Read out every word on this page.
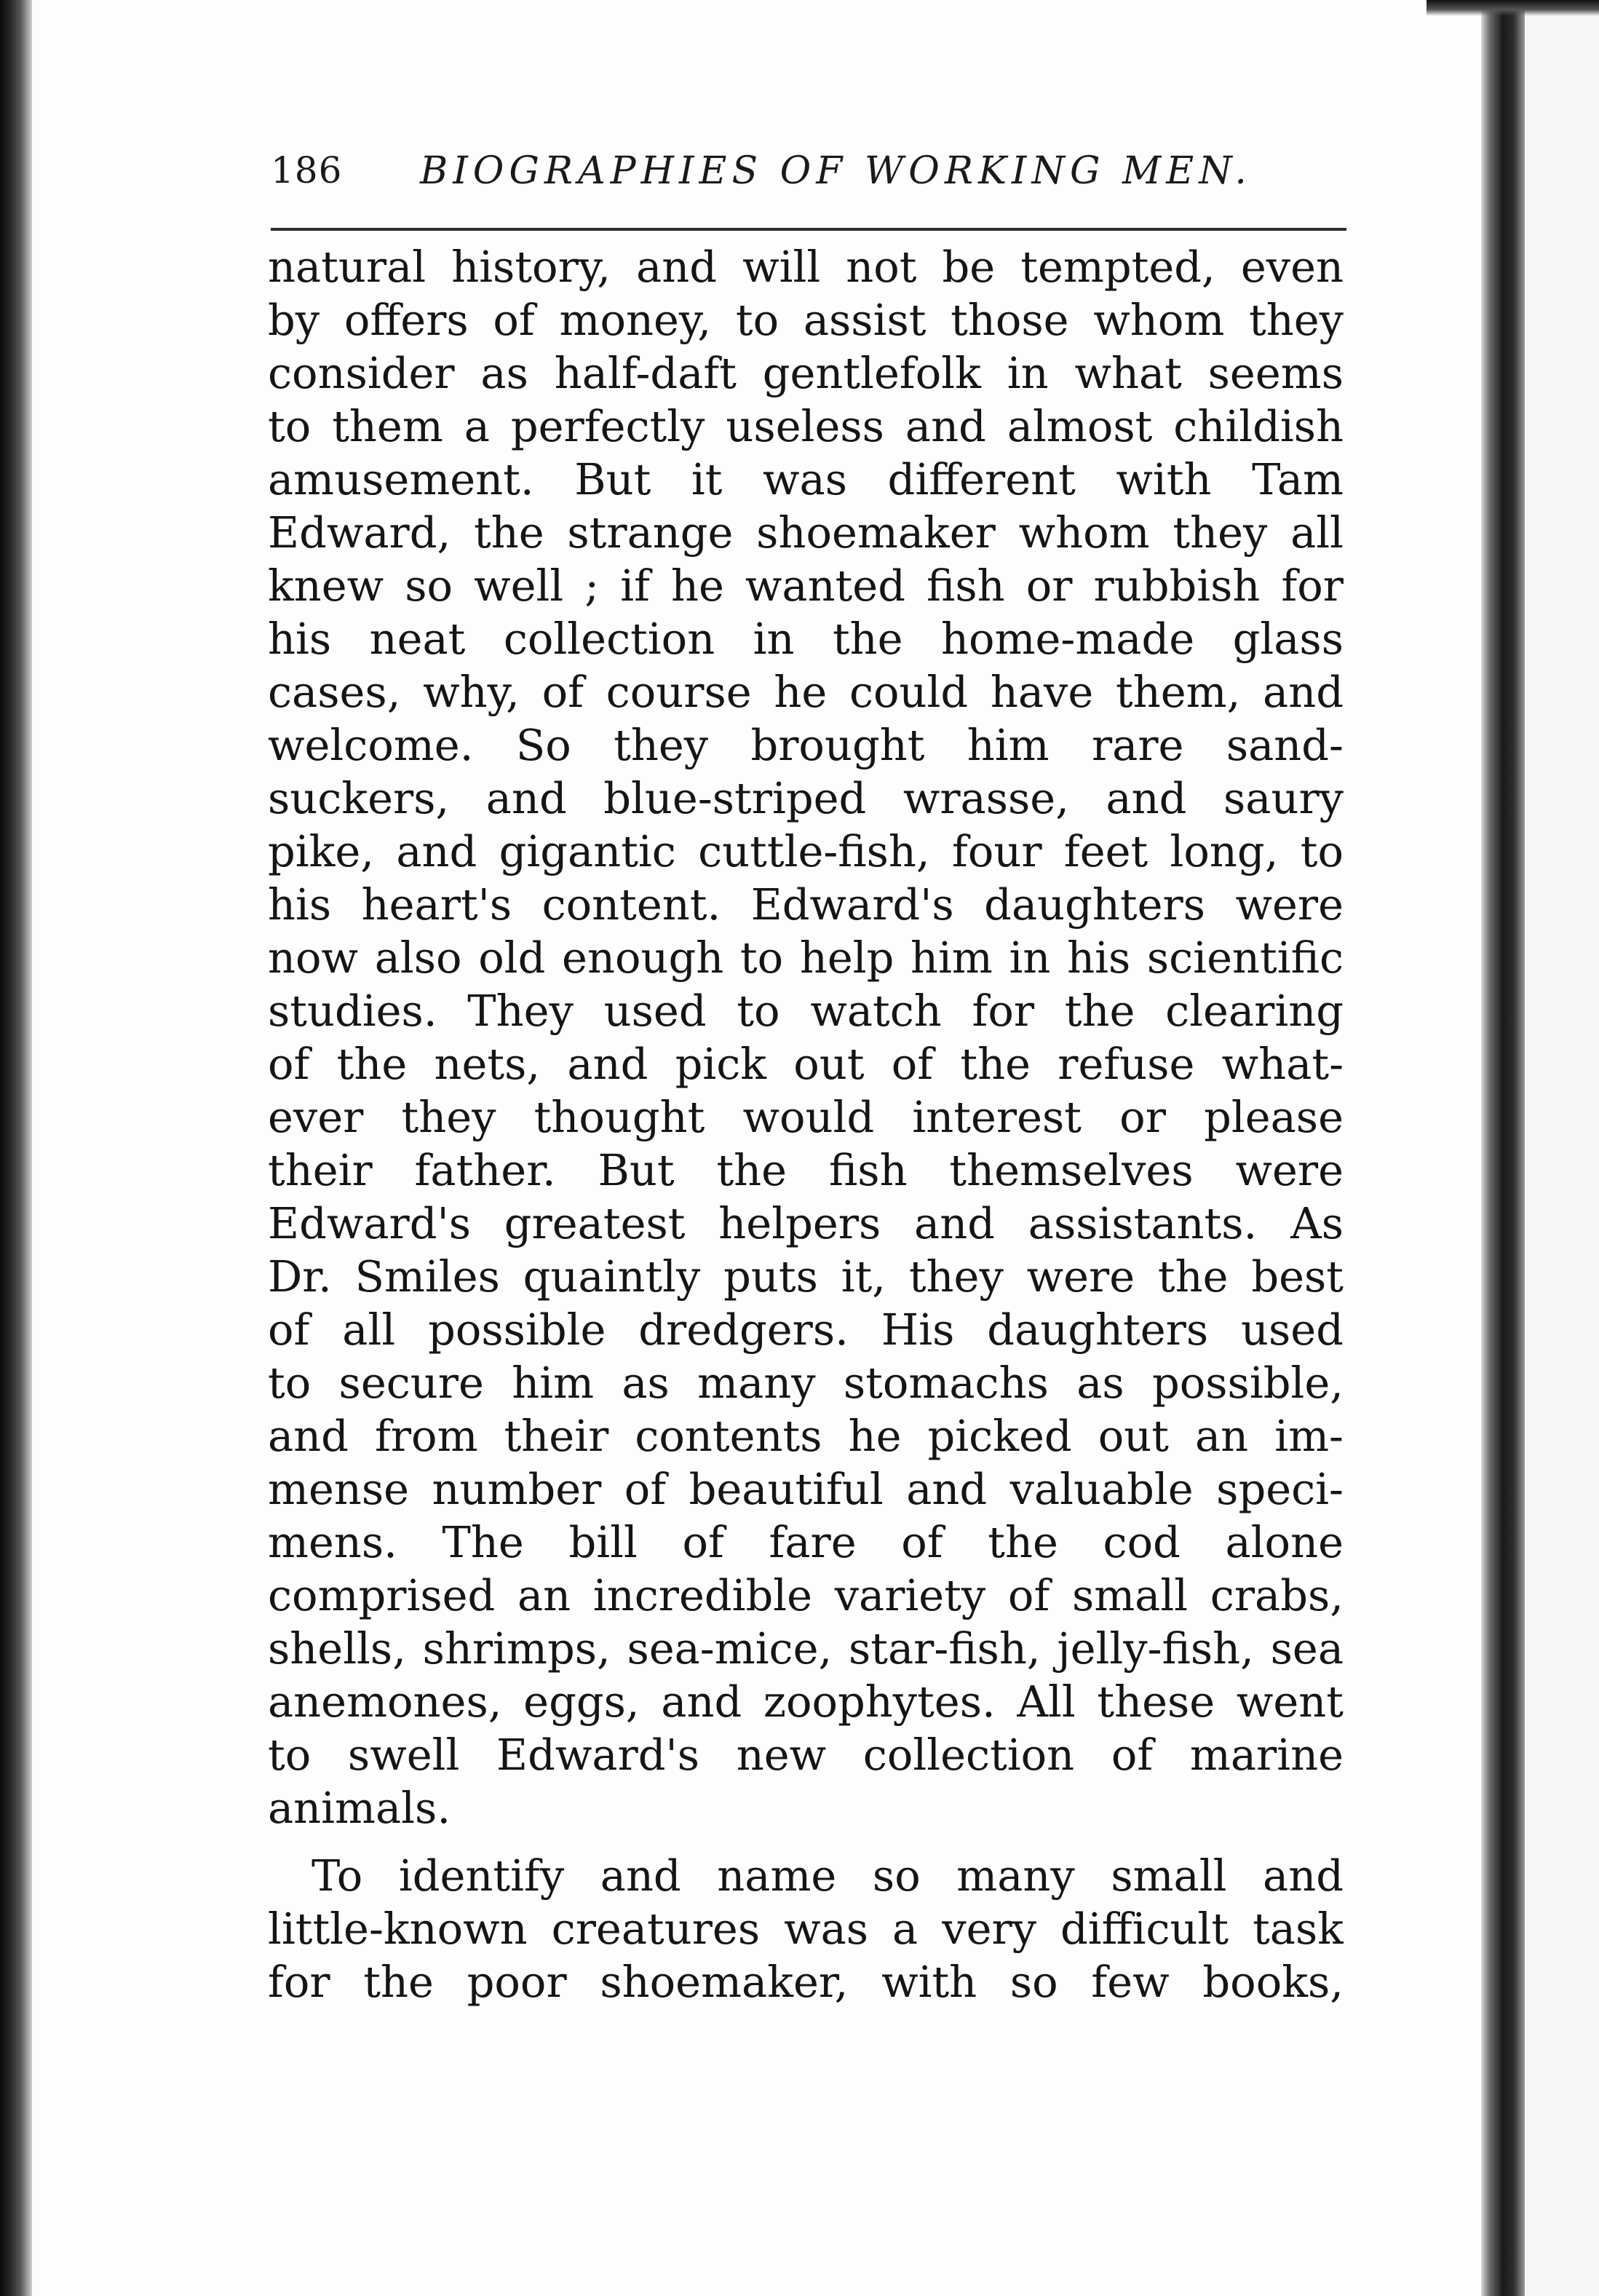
186 BIOGRAPHIES OF WORKING MEN.
natural history, and will not be tempted, even
by offers of money, to assist those whom they
consider as half-daft gentlefolk in what seems
to them a perfectly useless and almost childish
amusement. But it was different with Tam
Edward, the strange shoemaker whom they all
knew so well ; if he wanted fish or rubbish for
his neat collection in the home-made glass
cases, why, of course he could have them, and
welcome. So they brought him rare sand-
suckers, and blue-striped wrasse, and saury
pike, and gigantic cuttle-fish, four feet long, to
his heart's content. Edward's daughters were
now also old enough to help him in his scientific
studies. They used to watch for the clearing
of the nets, and pick out of the refuse what-
ever they thought would interest or please
their father. But the fish themselves were
Edward's greatest helpers and assistants. As
Dr. Smiles quaintly puts it, they were the best
of all possible dredgers. His daughters used
to secure him as many stomachs as possible,
and from their contents he picked out an im-
mense number of beautiful and valuable speci-
mens. The bill of fare of the cod alone
comprised an incredible variety of small crabs,
shells, shrimps, sea-mice, star-fish, jelly-fish, sea
anemones, eggs, and zoophytes. All these went
to swell Edward's new collection of marine
animals.
To identify and name so many small and
little-known creatures was a very difficult task
for the poor shoemaker, with so few books,
